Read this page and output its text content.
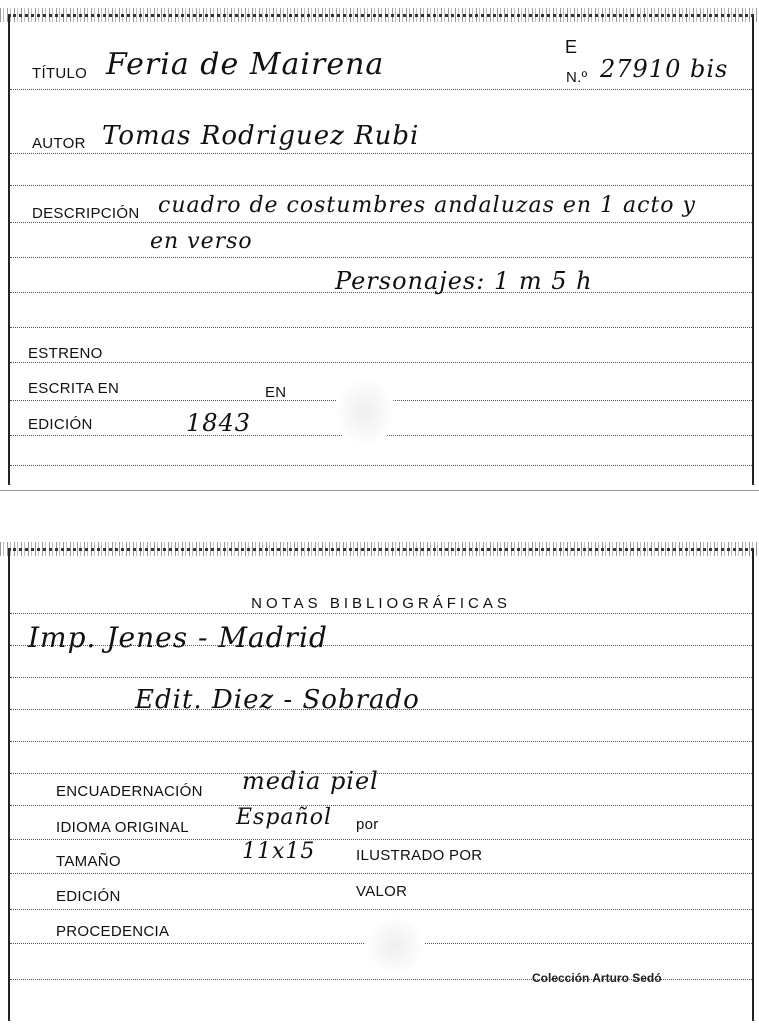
TÍTULO Feria de Mairena	E
N.º 27910 bis
AUTOR Tomas Rodriguez Rubi
DESCRIPCIÓN cuadro de costumbres andaluzas en 1 acto y
en verso
Personajes: 1 m 5 h
ESTRENO
ESCRITA EN	EN
EDICIÓN	1843
NOTAS BIBLIOGRÁFICAS
Imp. Jenes - Madrid
Edit. Diez - Sobrado
ENCUADERNACIÓN media piel
IDIOMA ORIGINAL Español por
TAMAÑO	11x15	ILUSTRADO POR
EDICIÓN	VALOR
PROCEDENCIA
Colección Arturo Sedó
